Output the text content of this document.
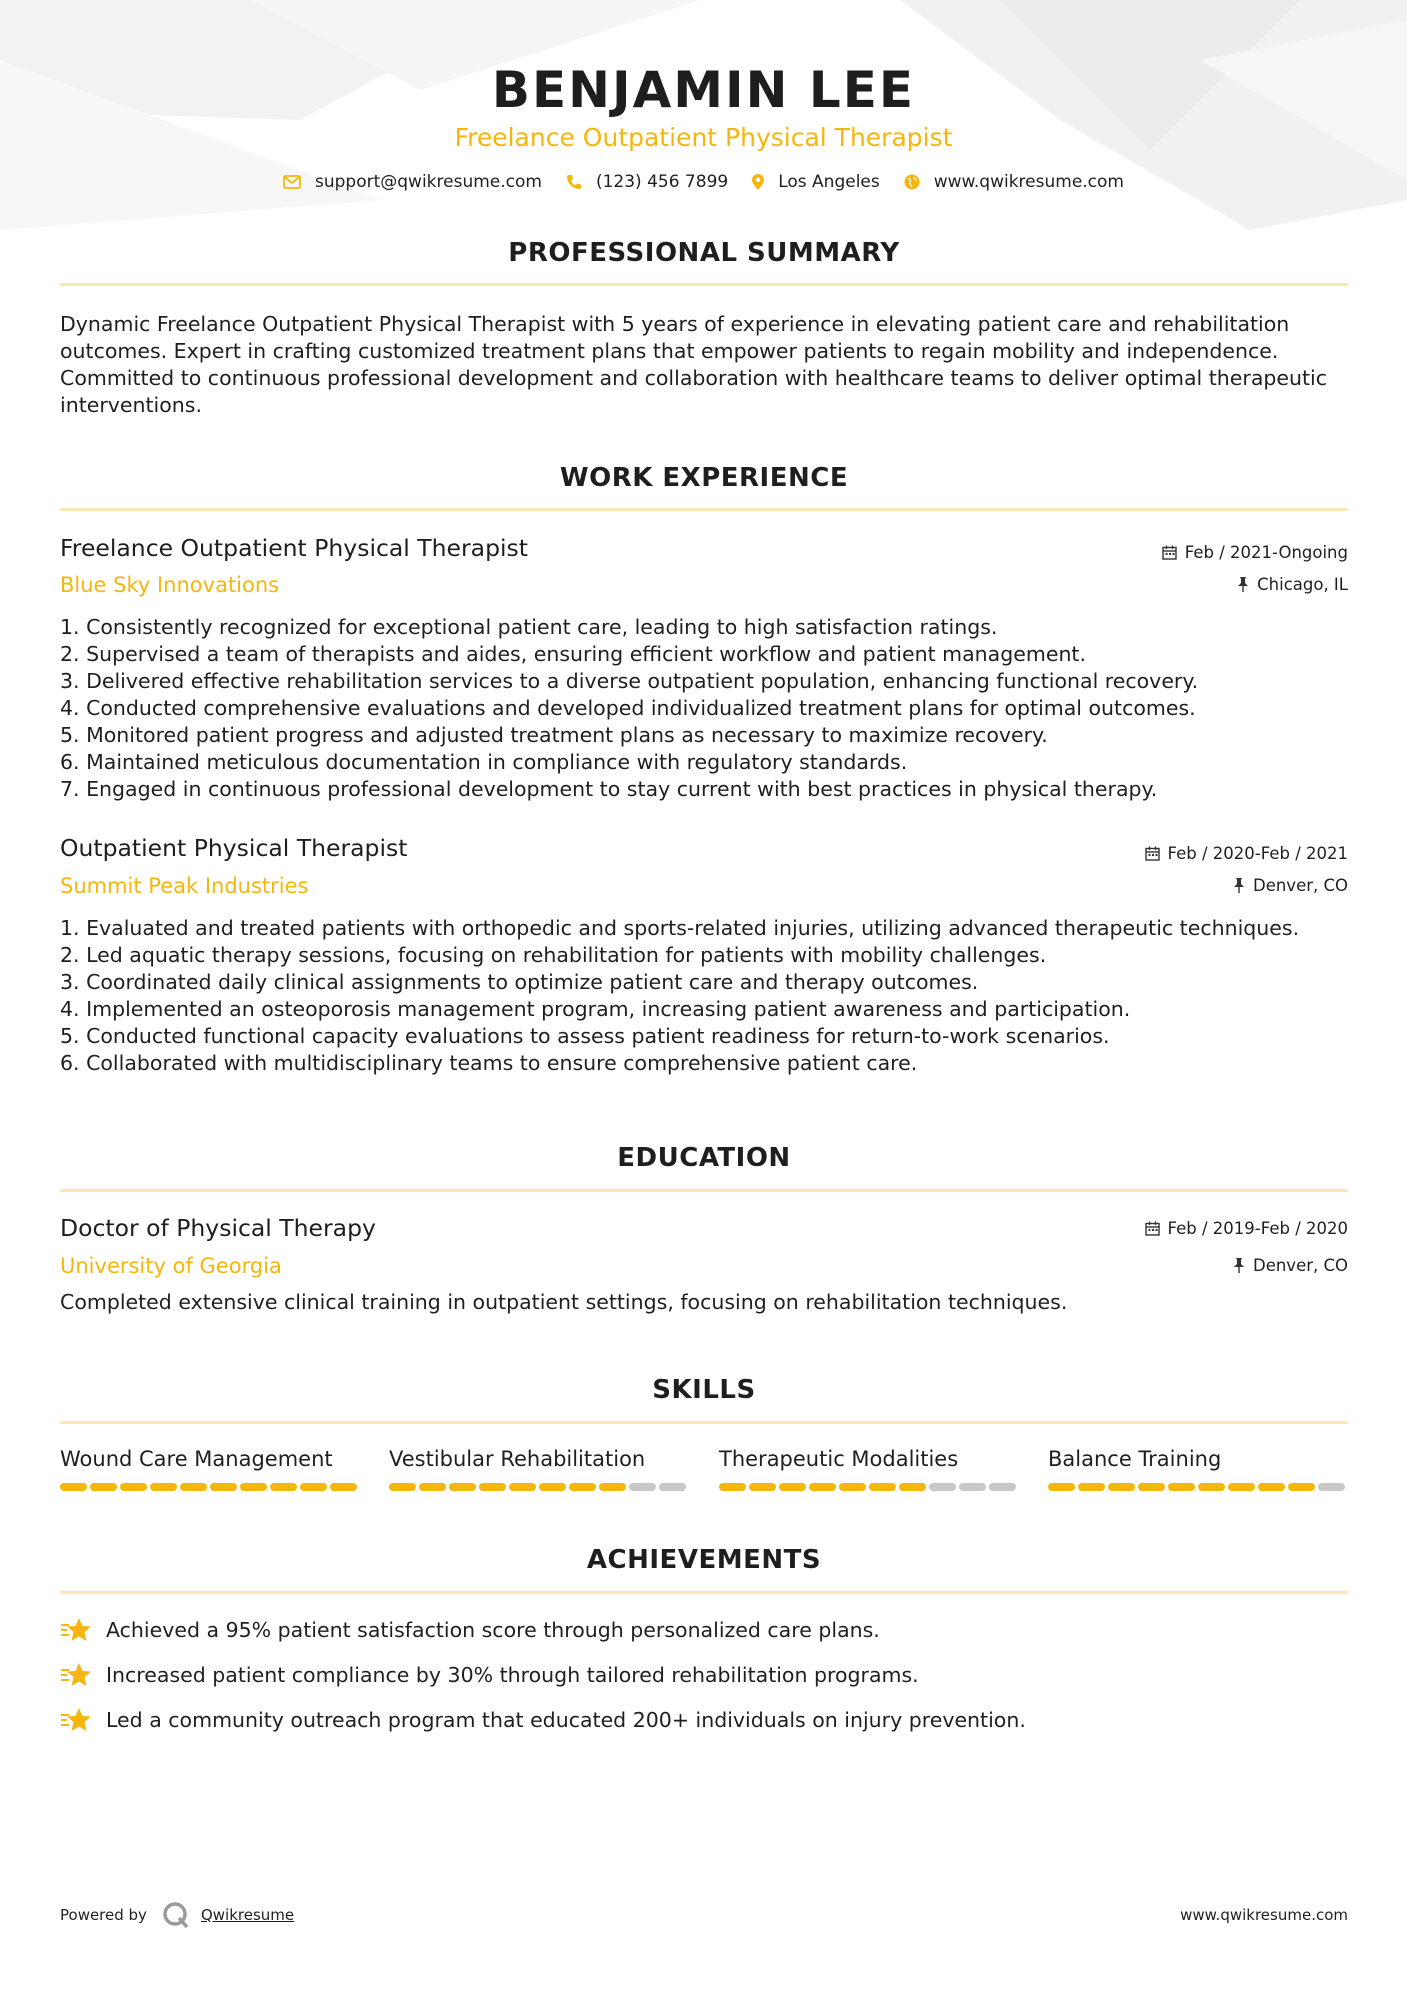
BENJAMIN LEE
Freelance Outpatient Physical Therapist
support@qwikresume.com	(123) 456 7899	Los Angeles	www.qwikresume.com
PROFESSIONAL SUMMARY
Dynamic Freelance Outpatient Physical Therapist with 5 years of experience in elevating patient care and rehabilitation outcomes. Expert in crafting customized treatment plans that empower patients to regain mobility and independence. Committed to continuous professional development and collaboration with healthcare teams to deliver optimal therapeutic interventions.
WORK EXPERIENCE
Freelance Outpatient Physical Therapist
Blue Sky Innovations
Feb / 2021-Ongoing
Chicago, IL
1. Consistently recognized for exceptional patient care, leading to high satisfaction ratings.
2. Supervised a team of therapists and aides, ensuring efficient workflow and patient management.
3. Delivered effective rehabilitation services to a diverse outpatient population, enhancing functional recovery.
4. Conducted comprehensive evaluations and developed individualized treatment plans for optimal outcomes.
5. Monitored patient progress and adjusted treatment plans as necessary to maximize recovery.
6. Maintained meticulous documentation in compliance with regulatory standards.
7. Engaged in continuous professional development to stay current with best practices in physical therapy.
Outpatient Physical Therapist
Summit Peak Industries
Feb / 2020-Feb / 2021
Denver, CO
1. Evaluated and treated patients with orthopedic and sports-related injuries, utilizing advanced therapeutic techniques.
2. Led aquatic therapy sessions, focusing on rehabilitation for patients with mobility challenges.
3. Coordinated daily clinical assignments to optimize patient care and therapy outcomes.
4. Implemented an osteoporosis management program, increasing patient awareness and participation.
5. Conducted functional capacity evaluations to assess patient readiness for return-to-work scenarios.
6. Collaborated with multidisciplinary teams to ensure comprehensive patient care.
EDUCATION
Doctor of Physical Therapy
University of Georgia
Feb / 2019-Feb / 2020
Denver, CO
Completed extensive clinical training in outpatient settings, focusing on rehabilitation techniques.
SKILLS
Wound Care Management	Vestibular Rehabilitation	Therapeutic Modalities	Balance Training
ACHIEVEMENTS
Achieved a 95% patient satisfaction score through personalized care plans.
Increased patient compliance by 30% through tailored rehabilitation programs.
Led a community outreach program that educated 200+ individuals on injury prevention.
Powered by	Qwikresume	www.qwikresume.com
